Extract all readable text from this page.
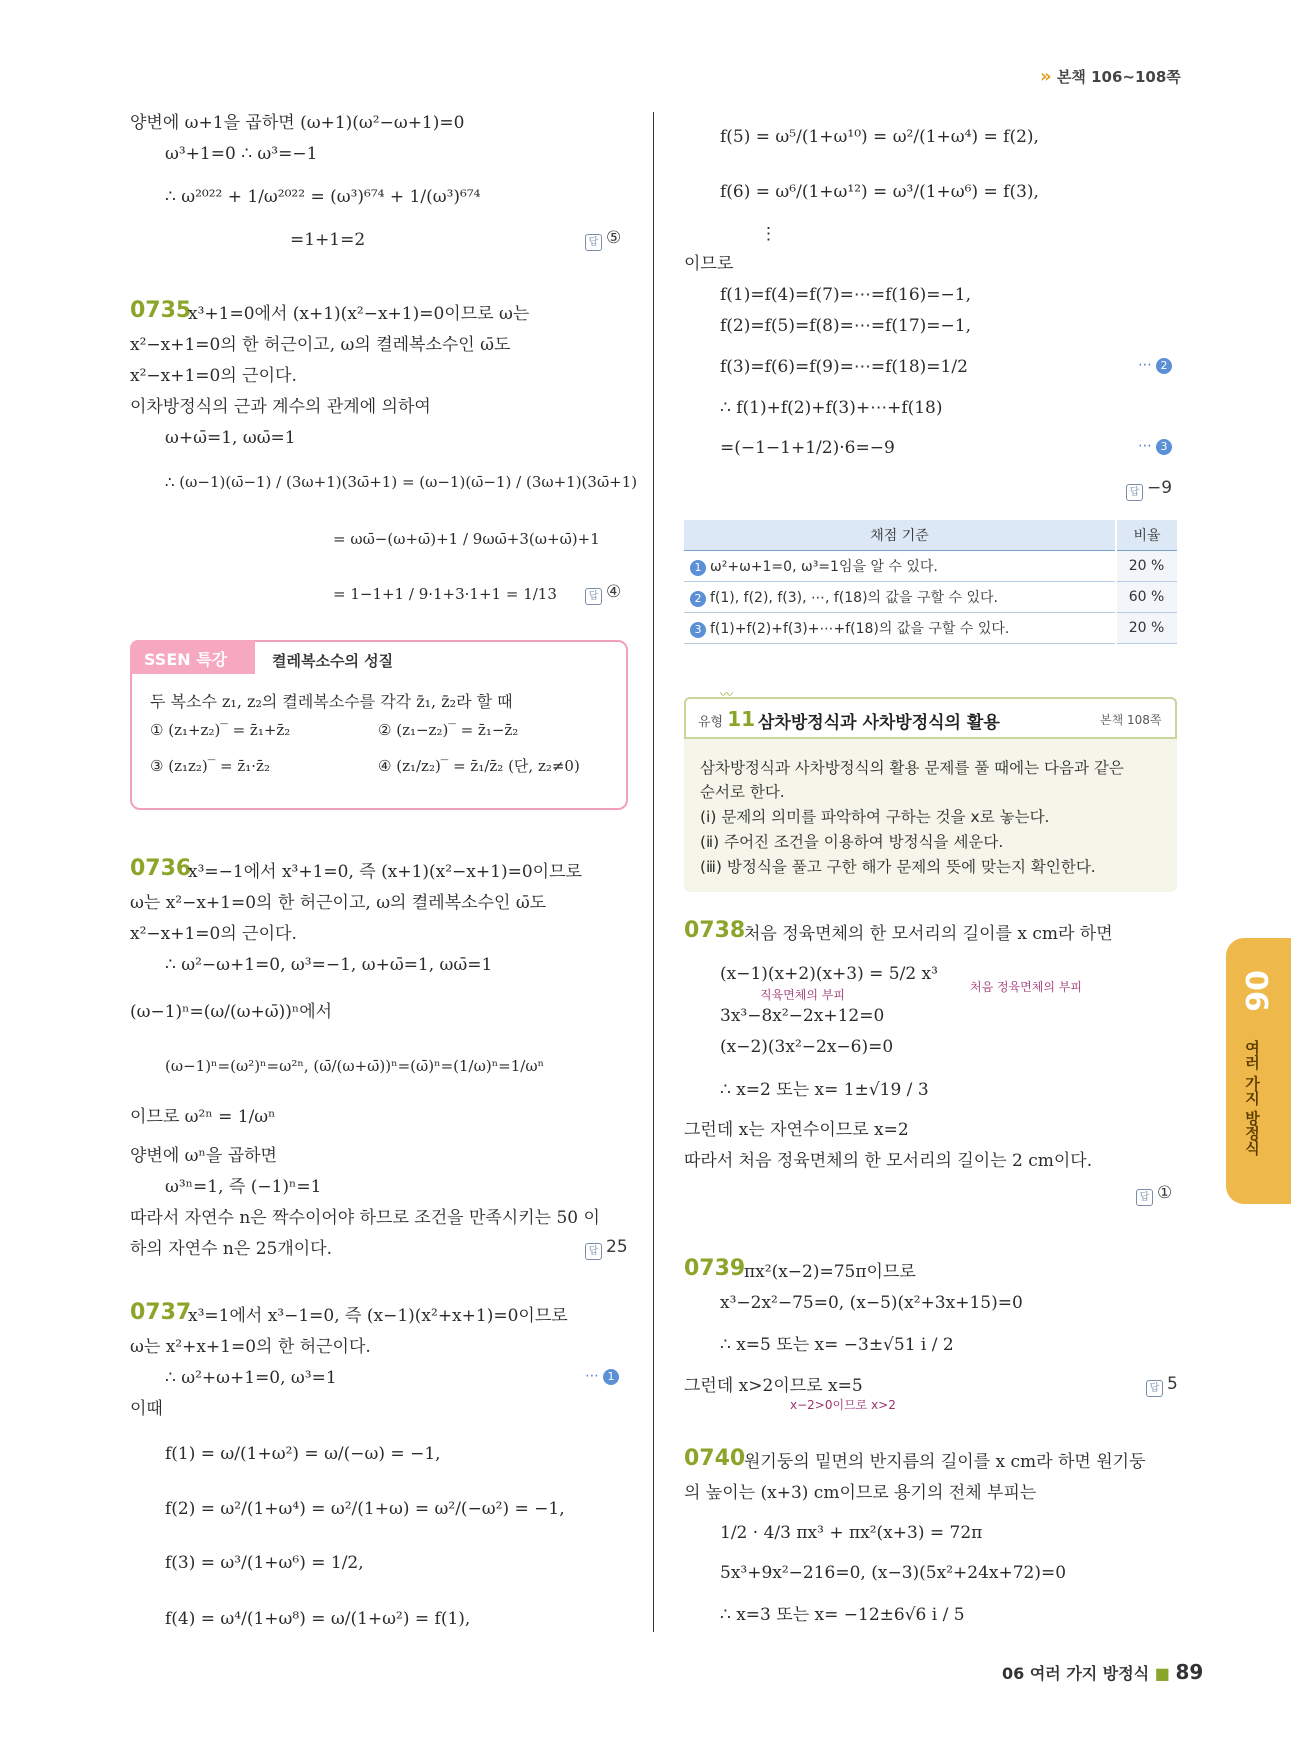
» 본책 106~108쪽
양변에 ω+1을 곱하면 (ω+1)(ω²−ω+1)=0
ω³+1=0 ∴ ω³=−1
∴ ω²⁰²² + 1/ω²⁰²² = (ω³)⁶⁷⁴ + 1/(ω³)⁶⁷⁴
=1+1=2	답 ⑤
0735
x³+1=0에서 (x+1)(x²−x+1)=0이므로 ω는
x²−x+1=0의 한 허근이고, ω의 켤레복소수인 ω̄도
x²−x+1=0의 근이다.
이차방정식의 근과 계수의 관계에 의하여
ω+ω̄=1, ωω̄=1
∴ (ω−1)(ω̄−1) / (3ω+1)(3ω̄+1) = (ω−1)(ω̄−1) / (3ω+1)(3ω̄+1)
= ωω̄−(ω+ω̄)+1 / 9ωω̄+3(ω+ω̄)+1
= 1−1+1 / 9·1+3·1+1 = 1/13	답 ④
SSEN 특강	켤레복소수의 성질
두 복소수 z₁, z₂의 켤레복소수를 각각 z̄₁, z̄₂라 할 때
① (z₁+z₂)‾ = z̄₁+z̄₂	② (z₁−z₂)‾ = z̄₁−z̄₂
③ (z₁z₂)‾ = z̄₁·z̄₂	④ (z₁/z₂)‾ = z̄₁/z̄₂ (단, z₂≠0)
0736
x³=−1에서 x³+1=0, 즉 (x+1)(x²−x+1)=0이므로
ω는 x²−x+1=0의 한 허근이고, ω의 켤레복소수인 ω̄도
x²−x+1=0의 근이다.
∴ ω²−ω+1=0, ω³=−1, ω+ω̄=1, ωω̄=1
(ω−1)ⁿ=(ω/(ω+ω̄))ⁿ에서
(ω−1)ⁿ=(ω²)ⁿ=ω²ⁿ, (ω̄/(ω+ω̄))ⁿ=(ω̄)ⁿ=(1/ω)ⁿ=1/ωⁿ
이므로 ω²ⁿ = 1/ωⁿ
양변에 ωⁿ을 곱하면
ω³ⁿ=1, 즉 (−1)ⁿ=1
따라서 자연수 n은 짝수이어야 하므로 조건을 만족시키는 50 이
하의 자연수 n은 25개이다.	답 25
0737
x³=1에서 x³−1=0, 즉 (x−1)(x²+x+1)=0이므로
ω는 x²+x+1=0의 한 허근이다.
∴ ω²+ω+1=0, ω³=1	⋯ 1
이때
f(1) = ω/(1+ω²) = ω/(−ω) = −1,
f(2) = ω²/(1+ω⁴) = ω²/(1+ω) = ω²/(−ω²) = −1,
f(3) = ω³/(1+ω⁶) = 1/2,
f(4) = ω⁴/(1+ω⁸) = ω/(1+ω²) = f(1),
f(5) = ω⁵/(1+ω¹⁰) = ω²/(1+ω⁴) = f(2),
f(6) = ω⁶/(1+ω¹²) = ω³/(1+ω⁶) = f(3),
⋮
이므로
f(1)=f(4)=f(7)=⋯=f(16)=−1,
f(2)=f(5)=f(8)=⋯=f(17)=−1,
f(3)=f(6)=f(9)=⋯=f(18)=1/2	⋯ 2
∴ f(1)+f(2)+f(3)+⋯+f(18)
=(−1−1+1/2)·6=−9	⋯ 3
답 −9
채점 기준	비율
1 ω²+ω+1=0, ω³=1임을 알 수 있다.	20 %
2 f(1), f(2), f(3), ⋯, f(18)의 값을 구할 수 있다.	60 %
3 f(1)+f(2)+f(3)+⋯+f(18)의 값을 구할 수 있다.	20 %
〰
유형 11 삼차방정식과 사차방정식의 활용	본책 108쪽
삼차방정식과 사차방정식의 활용 문제를 풀 때에는 다음과 같은
순서로 한다.
(ⅰ) 문제의 의미를 파악하여 구하는 것을 x로 놓는다.
(ⅱ) 주어진 조건을 이용하여 방정식을 세운다.
(ⅲ) 방정식을 풀고 구한 해가 문제의 뜻에 맞는지 확인한다.
0738
처음 정육면체의 한 모서리의 길이를 x cm라 하면
(x−1)(x+2)(x+3) = 5/2 x³
직육면체의 부피
처음 정육면체의 부피
3x³−8x²−2x+12=0
(x−2)(3x²−2x−6)=0
∴ x=2 또는 x= 1±√19 / 3
그런데 x는 자연수이므로 x=2
따라서 처음 정육면체의 한 모서리의 길이는 2 cm이다.
답 ①
0739
πx²(x−2)=75π이므로
x³−2x²−75=0, (x−5)(x²+3x+15)=0
∴ x=5 또는 x= −3±√51 i / 2
그런데 x>2이므로 x=5
x−2>0이므로 x>2
답 5
0740
원기둥의 밑면의 반지름의 길이를 x cm라 하면 원기둥
의 높이는 (x+3) cm이므로 용기의 전체 부피는
1/2 · 4/3 πx³ + πx²(x+3) = 72π
5x³+9x²−216=0, (x−3)(5x²+24x+72)=0
∴ x=3 또는 x= −12±6√6 i / 5
06
여러 가지 방정식
06 여러 가지 방정식 ■ 89
